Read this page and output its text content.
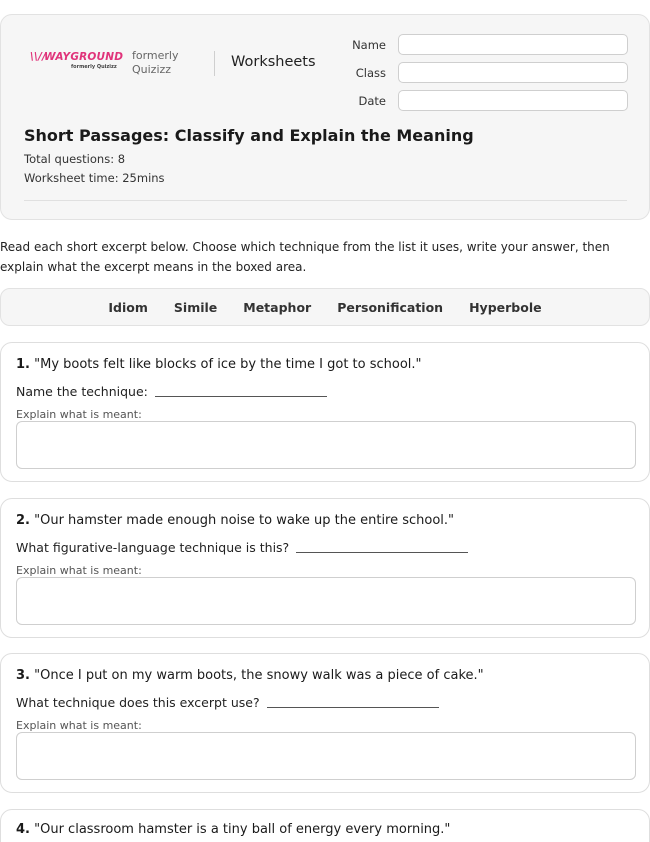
\\//WAYGROUND
formerly Quizizz
formerly Quizizz	Worksheets
Name
Class
Date
Short Passages: Classify and Explain the Meaning
Total questions: 8
Worksheet time: 25mins
Read each short excerpt below. Choose which technique from the list it uses, write your answer, then explain what the excerpt means in the boxed area.
Idiom Simile Metaphor Personification Hyperbole
1. "My boots felt like blocks of ice by the time I got to school."
Name the technique:
Explain what is meant:
2. "Our hamster made enough noise to wake up the entire school."
What figurative-language technique is this?
Explain what is meant:
3. "Once I put on my warm boots, the snowy walk was a piece of cake."
What technique does this excerpt use?
Explain what is meant:
4. "Our classroom hamster is a tiny ball of energy every morning."
